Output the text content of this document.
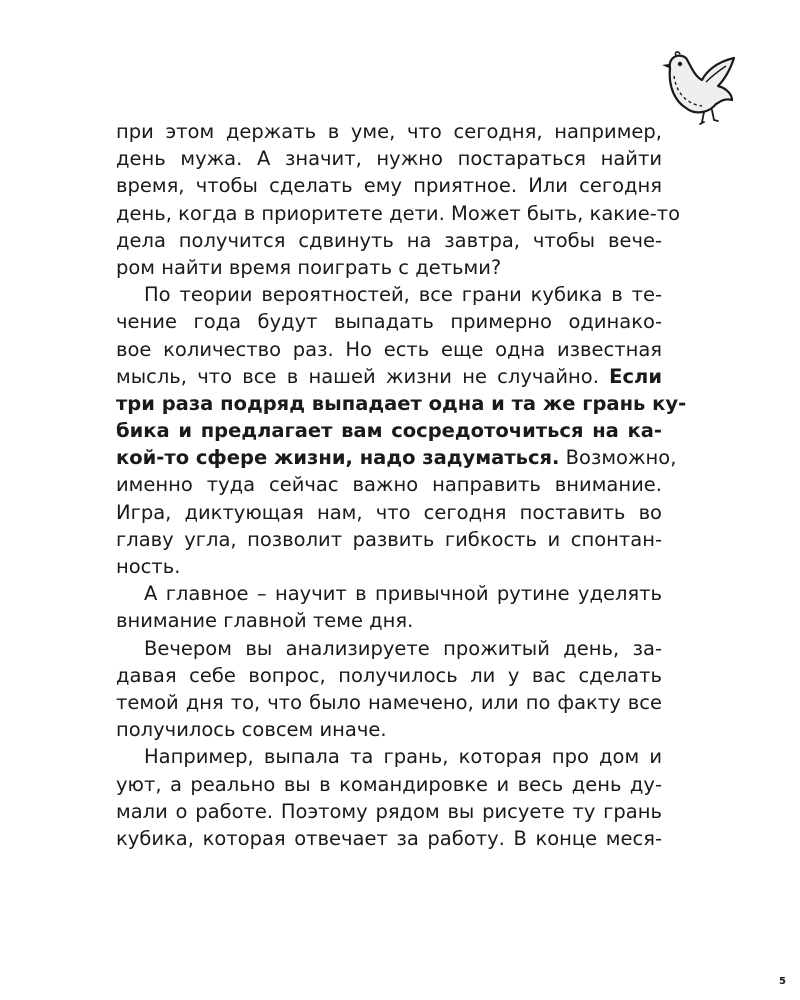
при этом держать в уме, что сегодня, например,
день мужа. А значит, нужно постараться найти
время, чтобы сделать ему приятное. Или сегодня
день, когда в приоритете дети. Может быть, какие-то
дела получится сдвинуть на завтра, чтобы вече-
ром найти время поиграть с детьми?
По теории вероятностей, все грани кубика в те-
чение года будут выпадать примерно одинако-
вое количество раз. Но есть еще одна известная
мысль, что все в нашей жизни не случайно. Если
три раза подряд выпадает одна и та же грань ку-
бика и предлагает вам сосредоточиться на ка-
кой-то сфере жизни, надо задуматься. Возможно,
именно туда сейчас важно направить внимание.
Игра, диктующая нам, что сегодня поставить во
главу угла, позволит развить гибкость и спонтан-
ность.
А главное – научит в привычной рутине уделять
внимание главной теме дня.
Вечером вы анализируете прожитый день, за-
давая себе вопрос, получилось ли у вас сделать
темой дня то, что было намечено, или по факту все
получилось совсем иначе.
Например, выпала та грань, которая про дом и
уют, а реально вы в командировке и весь день ду-
мали о работе. Поэтому рядом вы рисуете ту грань
кубика, которая отвечает за работу. В конце меся-
5
